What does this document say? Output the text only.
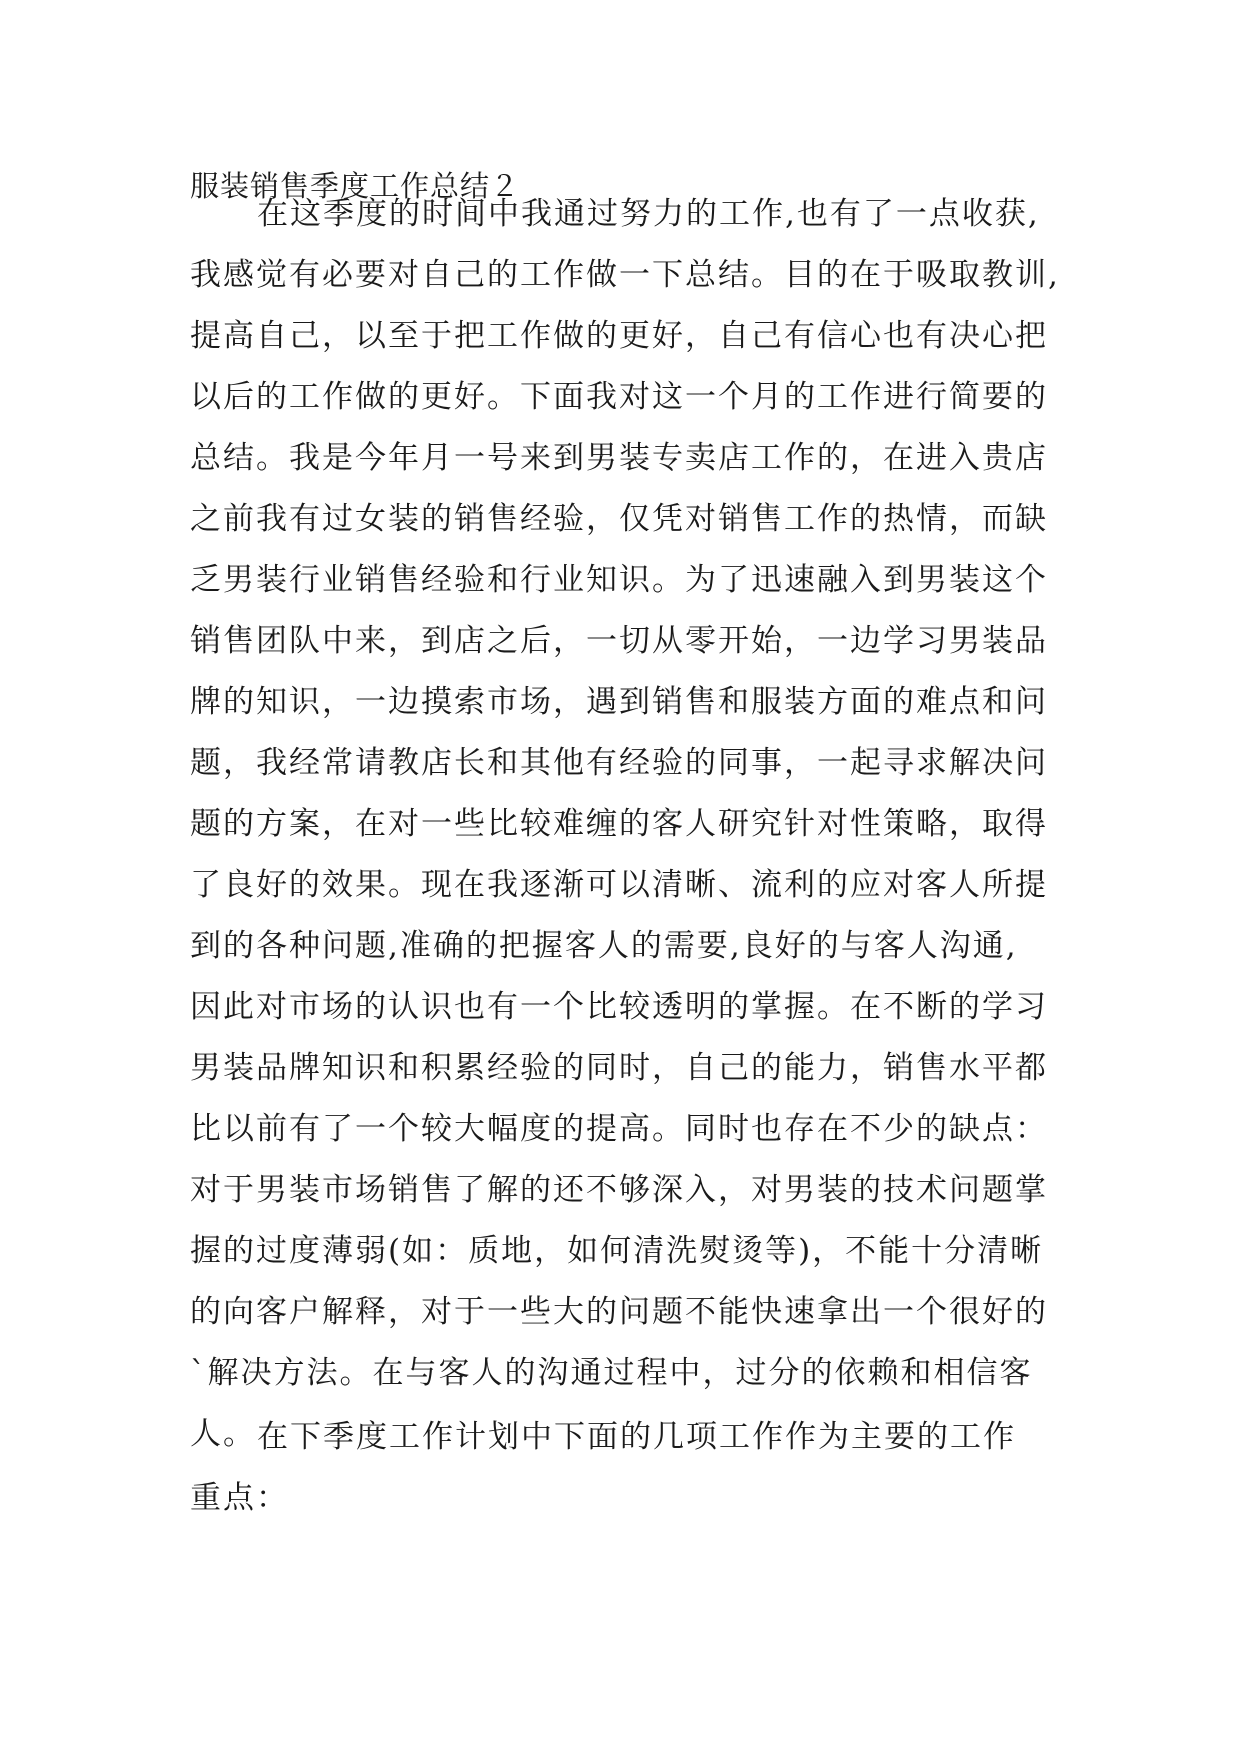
服装销售季度工作总结２
在这季度的时间中我通过努力的工作,也有了一点收获,
我感觉有必要对自己的工作做一下总结。目的在于吸取教训,
提高自己，以至于把工作做的更好，自己有信心也有决心把
以后的工作做的更好。下面我对这一个月的工作进行简要的
总结。我是今年月一号来到男装专卖店工作的，在进入贵店
之前我有过女装的销售经验，仅凭对销售工作的热情，而缺
乏男装行业销售经验和行业知识。为了迅速融入到男装这个
销售团队中来，到店之后，一切从零开始，一边学习男装品
牌的知识，一边摸索市场，遇到销售和服装方面的难点和问
题，我经常请教店长和其他有经验的同事，一起寻求解决问
题的方案，在对一些比较难缠的客人研究针对性策略，取得
了良好的效果。现在我逐渐可以清晰、流利的应对客人所提
到的各种问题,准确的把握客人的需要,良好的与客人沟通,
因此对市场的认识也有一个比较透明的掌握。在不断的学习
男装品牌知识和积累经验的同时，自己的能力，销售水平都
比以前有了一个较大幅度的提高。同时也存在不少的缺点：
对于男装市场销售了解的还不够深入，对男装的技术问题掌
握的过度薄弱(如：质地，如何清洗熨烫等)，不能十分清晰
的向客户解释，对于一些大的问题不能快速拿出一个很好的
`解决方法。在与客人的沟通过程中，过分的依赖和相信客
人。 在下季度工作计划中下面的几项工作作为主要的工作
重点：
